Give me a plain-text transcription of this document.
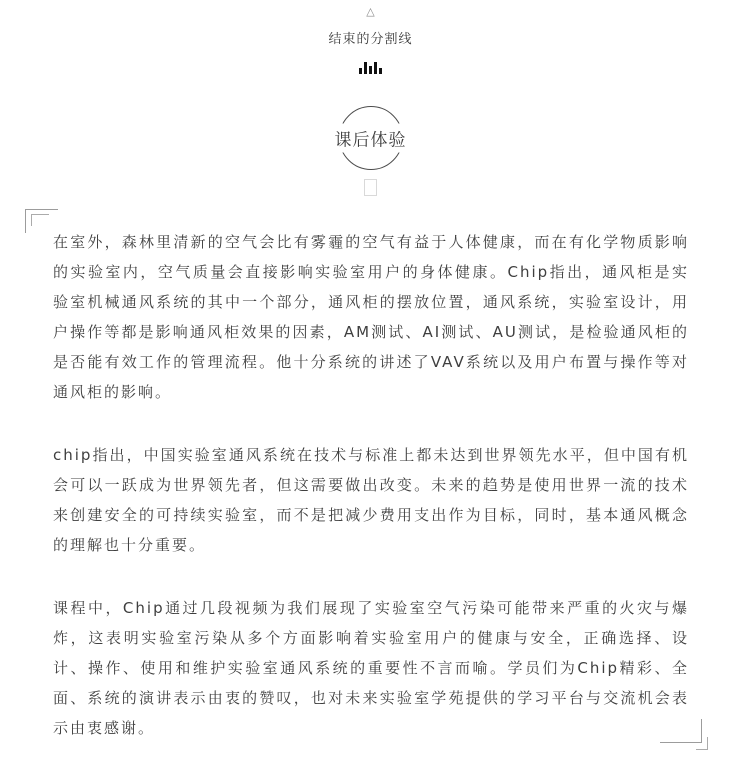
△
结束的分割线
课后体验

在室外，森林里清新的空气会比有雾霾的空气有益于人体健康，而在有化学物质影响的实验室内，空气质量会直接影响实验室用户的身体健康。Chip指出，通风柜是实验室机械通风系统的其中一个部分，通风柜的摆放位置，通风系统，实验室设计，用户操作等都是影响通风柜效果的因素，AM测试、AI测试、AU测试，是检验通风柜的是否能有效工作的管理流程。他十分系统的讲述了VAV系统以及用户布置与操作等对通风柜的影响。

chip指出，中国实验室通风系统在技术与标准上都未达到世界领先水平，但中国有机会可以一跃成为世界领先者，但这需要做出改变。未来的趋势是使用世界一流的技术来创建安全的可持续实验室，而不是把减少费用支出作为目标，同时，基本通风概念的理解也十分重要。

课程中，Chip通过几段视频为我们展现了实验室空气污染可能带来严重的火灾与爆炸，这表明实验室污染从多个方面影响着实验室用户的健康与安全，正确选择、设计、操作、使用和维护实验室通风系统的重要性不言而喻。学员们为Chip精彩、全面、系统的演讲表示由衷的赞叹，也对未来实验室学苑提供的学习平台与交流机会表示由衷感谢。
